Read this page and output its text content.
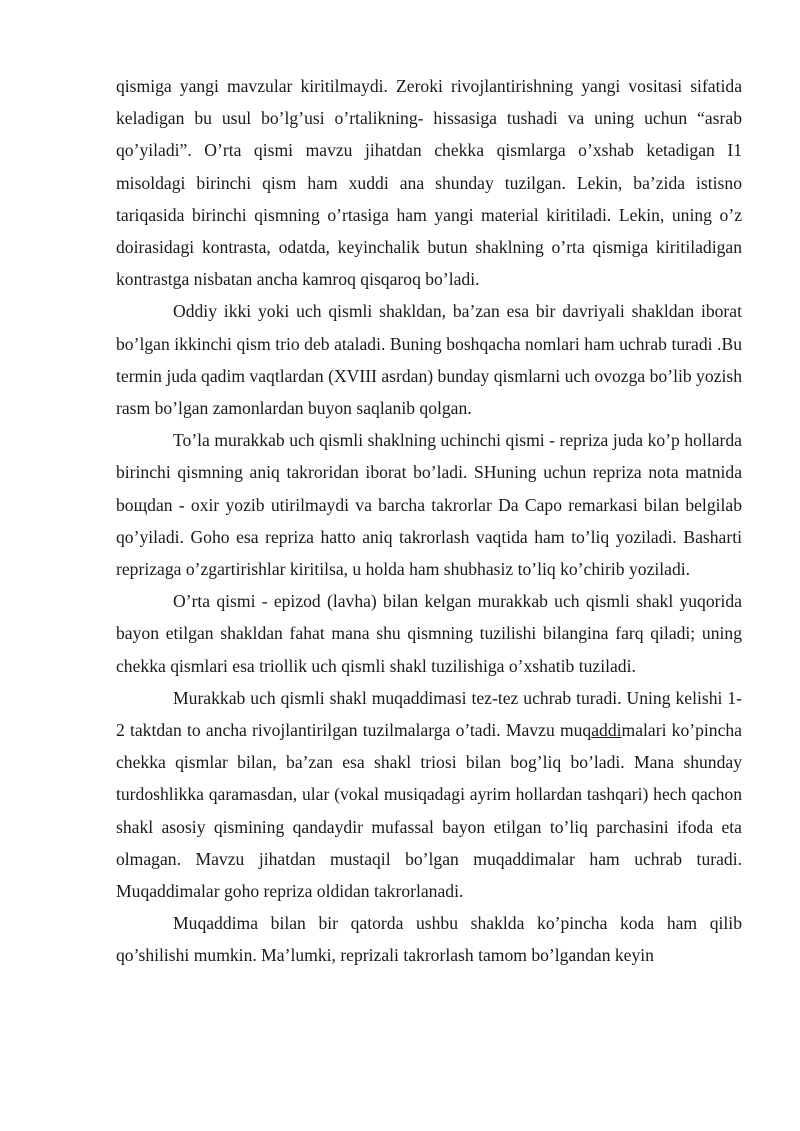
qismiga yangi mavzular kiritilmaydi. Zeroki rivojlantirishning yangi vositasi sifatida keladigan bu usul bo’lg’usi o’rtalikning- hissasiga tushadi va uning uchun “asrab qo’yiladi”. O’rta qismi mavzu jihatdan chekka qismlarga o’xshab ketadigan I1 misoldagi birinchi qism ham xuddi ana shunday tuzilgan. Lekin, ba’zida istisno tariqasida birinchi qismning o’rtasiga ham yangi material kiritiladi. Lekin, uning o’z doirasidagi kontrasta, odatda, keyinchalik butun shaklning o’rta qismiga kiritiladigan kontrastga nisbatan ancha kamroq qisqaroq bo’ladi.

Oddiy ikki yoki uch qismli shakldan, ba’zan esa bir davriyali shakldan iborat bo’lgan ikkinchi qism trio deb ataladi. Buning boshqacha nomlari ham uchrab turadi .Bu termin juda qadim vaqtlardan (XVIII asrdan) bunday qismlarni uch ovozga bo’lib yozish rasm bo’lgan zamonlardan buyon saqlanib qolgan.

To’la murakkab uch qismli shaklning uchinchi qismi - repriza juda ko’p hollarda birinchi qismning aniq takroridan iborat bo’ladi. SHuning uchun repriza nota matnida boщdan - oxir yozib utirilmaydi va barcha takrorlar Da Capo remarkasi bilan belgilab qo’yiladi. Goho esa repriza hatto aniq takrorlash vaqtida ham to’liq yoziladi. Basharti reprizaga o’zgartirishlar kiritilsa, u holda ham shubhasiz to’liq ko’chirib yoziladi.

O’rta qismi - epizod (lavha) bilan kelgan murakkab uch qismli shakl yuqorida bayon etilgan shakldan fahat mana shu qismning tuzilishi bilangina farq qiladi; uning chekka qismlari esa triollik uch qismli shakl tuzilishiga o’xshatib tuziladi.

Murakkab uch qismli shakl muqaddimasi tez-tez uchrab turadi. Uning kelishi 1-2 taktdan to ancha rivojlantirilgan tuzilmalarga o’tadi. Mavzu muqaddimalari ko’pincha chekka qismlar bilan, ba’zan esa shakl triosi bilan bog’liq bo’ladi. Mana shunday turdoshlikka qaramasdan, ular (vokal musiqadagi ayrim hollardan tashqari) hech qachon shakl asosiy qismining qandaydir mufassal bayon etilgan to’liq parchasini ifoda eta olmagan. Mavzu jihatdan mustaqil bo’lgan muqaddimalar ham uchrab turadi. Muqaddimalar goho repriza oldidan takrorlanadi.

Muqaddima bilan bir qatorda ushbu shaklda ko’pincha koda ham qilib qo’shilishi mumkin. Ma’lumki, reprizali takrorlash tamom bo’lgandan keyin
